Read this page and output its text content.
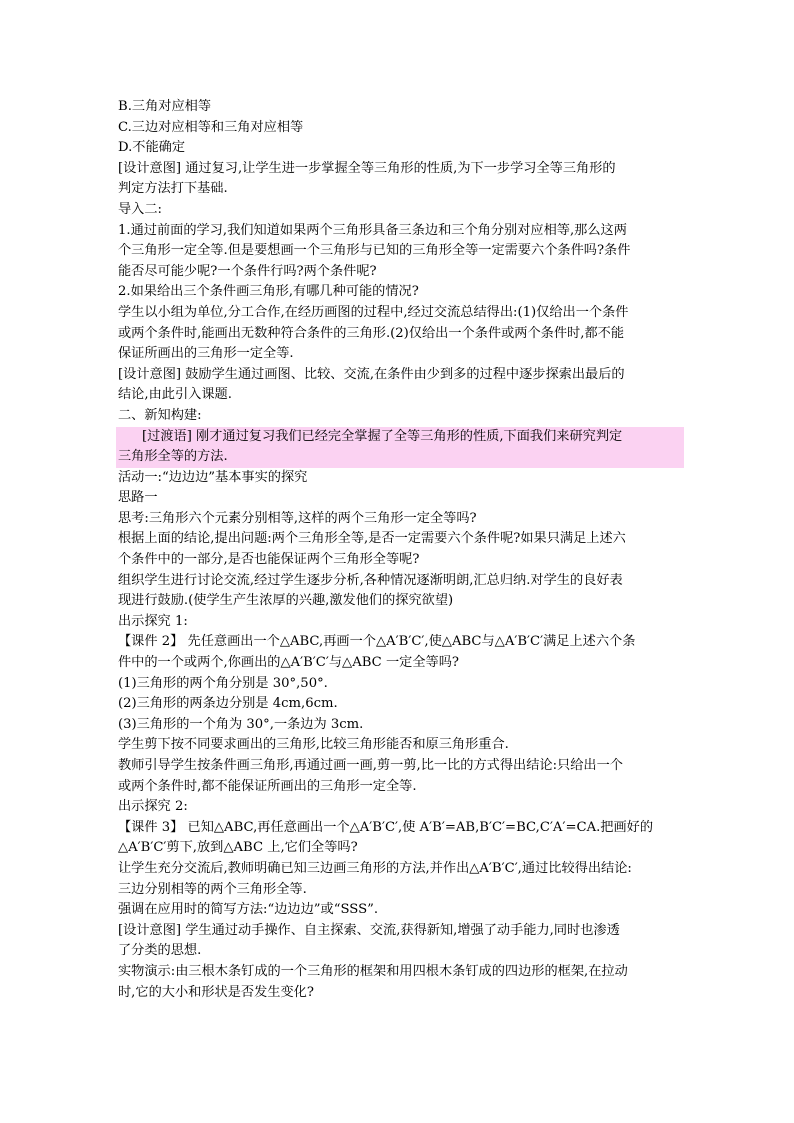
B.三角对应相等
C.三边对应相等和三角对应相等
D.不能确定
[设计意图] 通过复习,让学生进一步掌握全等三角形的性质,为下一步学习全等三角形的
判定方法打下基础.
导入二:
1.通过前面的学习,我们知道如果两个三角形具备三条边和三个角分别对应相等,那么这两
个三角形一定全等.但是要想画一个三角形与已知的三角形全等一定需要六个条件吗?条件
能否尽可能少呢?一个条件行吗?两个条件呢?
2.如果给出三个条件画三角形,有哪几种可能的情况?
学生以小组为单位,分工合作,在经历画图的过程中,经过交流总结得出:(1)仅给出一个条件
或两个条件时,能画出无数种符合条件的三角形.(2)仅给出一个条件或两个条件时,都不能
保证所画出的三角形一定全等.
[设计意图] 鼓励学生通过画图、比较、交流,在条件由少到多的过程中逐步探索出最后的
结论,由此引入课题.
二、新知构建:
[过渡语] 刚才通过复习我们已经完全掌握了全等三角形的性质,下面我们来研究判定
三角形全等的方法.
活动一:“边边边”基本事实的探究
思路一
思考:三角形六个元素分别相等,这样的两个三角形一定全等吗?
根据上面的结论,提出问题:两个三角形全等,是否一定需要六个条件呢?如果只满足上述六
个条件中的一部分,是否也能保证两个三角形全等呢?
组织学生进行讨论交流,经过学生逐步分析,各种情况逐渐明朗,汇总归纳.对学生的良好表
现进行鼓励.(使学生产生浓厚的兴趣,激发他们的探究欲望)
出示探究 1:
【课件 2】 先任意画出一个△ABC,再画一个△A′B′C′,使△ABC与△A′B′C′满足上述六个条
件中的一个或两个,你画出的△A′B′C′与△ABC 一定全等吗?
(1)三角形的两个角分别是 30°,50°.
(2)三角形的两条边分别是 4cm,6cm.
(3)三角形的一个角为 30°,一条边为 3cm.
学生剪下按不同要求画出的三角形,比较三角形能否和原三角形重合.
教师引导学生按条件画三角形,再通过画一画,剪一剪,比一比的方式得出结论:只给出一个
或两个条件时,都不能保证所画出的三角形一定全等.
出示探究 2:
【课件 3】 已知△ABC,再任意画出一个△A′B′C′,使 A′B′=AB,B′C′=BC,C′A′=CA.把画好的
△A′B′C′剪下,放到△ABC 上,它们全等吗?
让学生充分交流后,教师明确已知三边画三角形的方法,并作出△A′B′C′,通过比较得出结论:
三边分别相等的两个三角形全等.
强调在应用时的简写方法:“边边边”或“SSS”.
[设计意图] 学生通过动手操作、自主探索、交流,获得新知,增强了动手能力,同时也渗透
了分类的思想.
实物演示:由三根木条钉成的一个三角形的框架和用四根木条钉成的四边形的框架,在拉动
时,它的大小和形状是否发生变化?
